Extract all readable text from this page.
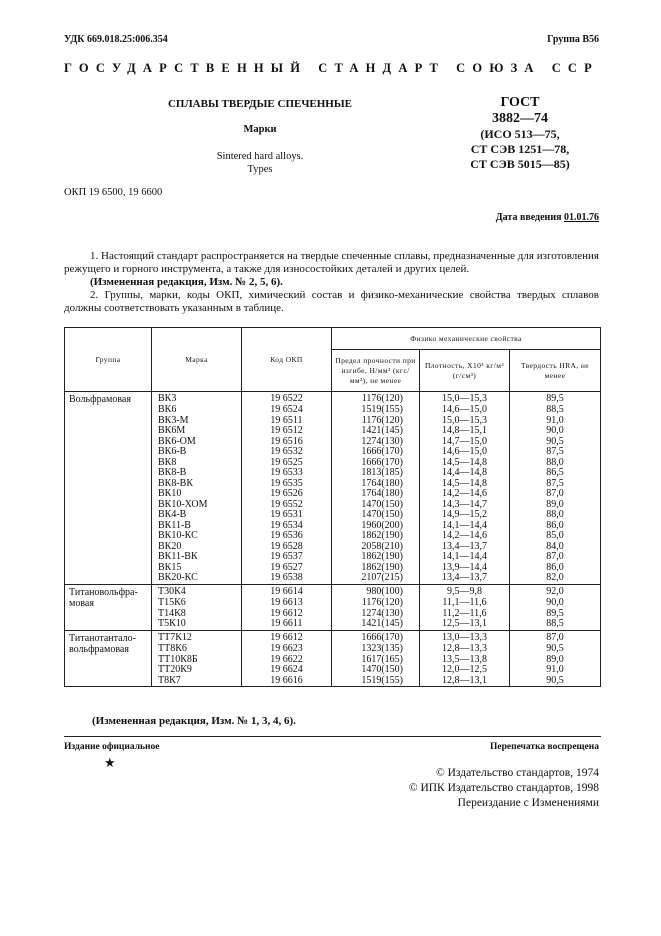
УДК 669.018.25:006.354	Группа В56
ГОСУДАРСТВЕННЫЙ СТАНДАРТ СОЮЗА ССР
СПЛАВЫ ТВЕРДЫЕ СПЕЧЕННЫЕ
Марки
Sintered hard alloys.
Types
ГОСТ
3882—74
(ИСО 513—75,
СТ СЭВ 1251—78,
СТ СЭВ 5015—85)
ОКП 19 6500, 19 6600
Дата введения 01.01.76
1. Настоящий стандарт распространяется на твердые спеченные сплавы, предназначенные для изготовления режущего и горного инструмента, а также для износостойких деталей и других целей.
(Измененная редакция, Изм. № 2, 5, 6).
2. Группы, марки, коды ОКП, химический состав и физико-механические свойства твердых сплавов должны соответствовать указанным в таблице.
Группа	Марка	Код ОКП	Физико механические свойства		
			Предел прочности при изгибе, Н/мм² (кгс/мм²), не менее	Плотность, X10³ кг/м³ (г/см³)	Твердость HRA, не менее
Вольфрамовая	ВК3	19 6522	1176(120)	15,0—15,3	89,5
	ВК6	19 6524	1519(155)	14,6—15,0	88,5
	ВК3-М	19 6511	1176(120)	15,0—15,3	91,0
	ВК6М	19 6512	1421(145)	14,8—15,1	90,0
	ВК6-ОМ	19 6516	1274(130)	14,7—15,0	90,5
	ВК6-В	19 6532	1666(170)	14,6—15,0	87,5
	ВК8	19 6525	1666(170)	14,5—14,8	88,0
	ВК8-В	19 6533	1813(185)	14,4—14,8	86,5
	ВК8-ВК	19 6535	1764(180)	14,5—14,8	87,5
	ВК10	19 6526	1764(180)	14,2—14,6	87,0
	ВК10-ХОМ	19 6552	1470(150)	14,3—14,7	89,0
	ВК4-В	19 6531	1470(150)	14,9—15,2	88,0
	ВК11-В	19 6534	1960(200)	14,1—14,4	86,0
	ВК10-КС	19 6536	1862(190)	14,2—14,6	85,0
	ВК20	19 6528	2058(210)	13,4—13,7	84,0
	ВК11-ВК	19 6537	1862(190)	14,1—14,4	87,0
	ВК15	19 6527	1862(190)	13,9—14,4	86,0
	ВК20-КС	19 6538	2107(215)	13,4—13,7	82,0
Титановольфра-	Т30К4	19 6614	980(100)	9,5—9,8	92,0
мовая	Т15К6	19 6613	1176(120)	11,1—11,6	90,0
	Т14К8	19 6612	1274(130)	11,2—11,6	89,5
	Т5К10	19 6611	1421(145)	12,5—13,1	88,5
Титанотантало-	ТТ7К12	19 6612	1666(170)	13,0—13,3	87,0
вольфрамовая	ТТ8К6	19 6623	1323(135)	12,8—13,3	90,5
	ТТ10К8Б	19 6622	1617(165)	13,5—13,8	89,0
	ТТ20К9	19 6624	1470(150)	12,0—12,5	91,0
	Т8К7	19 6616	1519(155)	12,8—13,1	90,5
(Измененная редакция, Изм. № 1, 3, 4, 6).
Издание официальное	Перепечатка воспрещена
★
© Издательство стандартов, 1974
© ИПК Издательство стандартов, 1998
Переиздание с Изменениями
